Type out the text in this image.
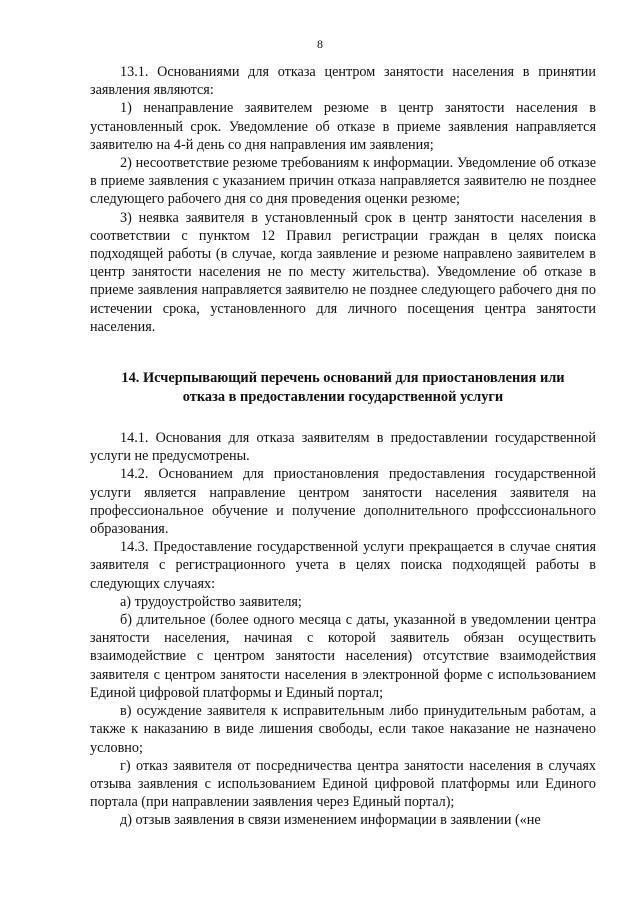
8

13.1. Основаниями для отказа центром занятости населения в принятии заявления являются:

1) ненаправление заявителем резюме в центр занятости населения в установленный срок. Уведомление об отказе в приеме заявления направляется заявителю на 4-й день со дня направления им заявления;

2) несоответствие резюме требованиям к информации. Уведомление об отказе в приеме заявления с указанием причин отказа направляется заявителю не позднее следующего рабочего дня со дня проведения оценки резюме;

3) неявка заявителя в установленный срок в центр занятости населения в соответствии с пунктом 12 Правил регистрации граждан в целях поиска подходящей работы (в случае, когда заявление и резюме направлено заявителем в центр занятости населения не по месту жительства). Уведомление об отказе в приеме заявления направляется заявителю не позднее следующего рабочего дня по истечении срока, установленного для личного посещения центра занятости населения.

14. Исчерпывающий перечень оснований для приостановления или отказа в предоставлении государственной услуги

14.1. Основания для отказа заявителям в предоставлении государственной услуги не предусмотрены.

14.2. Основанием для приостановления предоставления государственной услуги является направление центром занятости населения заявителя на профессиональное обучение и получение дополнительного профсссионального образования.

14.3. Предоставление государственной услуги прекращается в случае снятия заявителя с регистрационного учета в целях поиска подходящей работы в следующих случаях:

а) трудоустройство заявителя;

б) длительное (более одного месяца с даты, указанной в уведомлении центра занятости населения, начиная с которой заявитель обязан осуществить взаимодействие с центром занятости населения) отсутствие взаимодействия заявителя с центром занятости населения в электронной форме с использованием Единой цифровой платформы и Единый портал;

в) осуждение заявителя к исправительным либо принудительным работам, а также к наказанию в виде лишения свободы, если такое наказание не назначено условно;

г) отказ заявителя от посредничества центра занятости населения в случаях отзыва заявления с использованием Единой цифровой платформы или Единого портала (при направлении заявления через Единый портал);

д) отзыв заявления в связи изменением информации в заявлении («не
